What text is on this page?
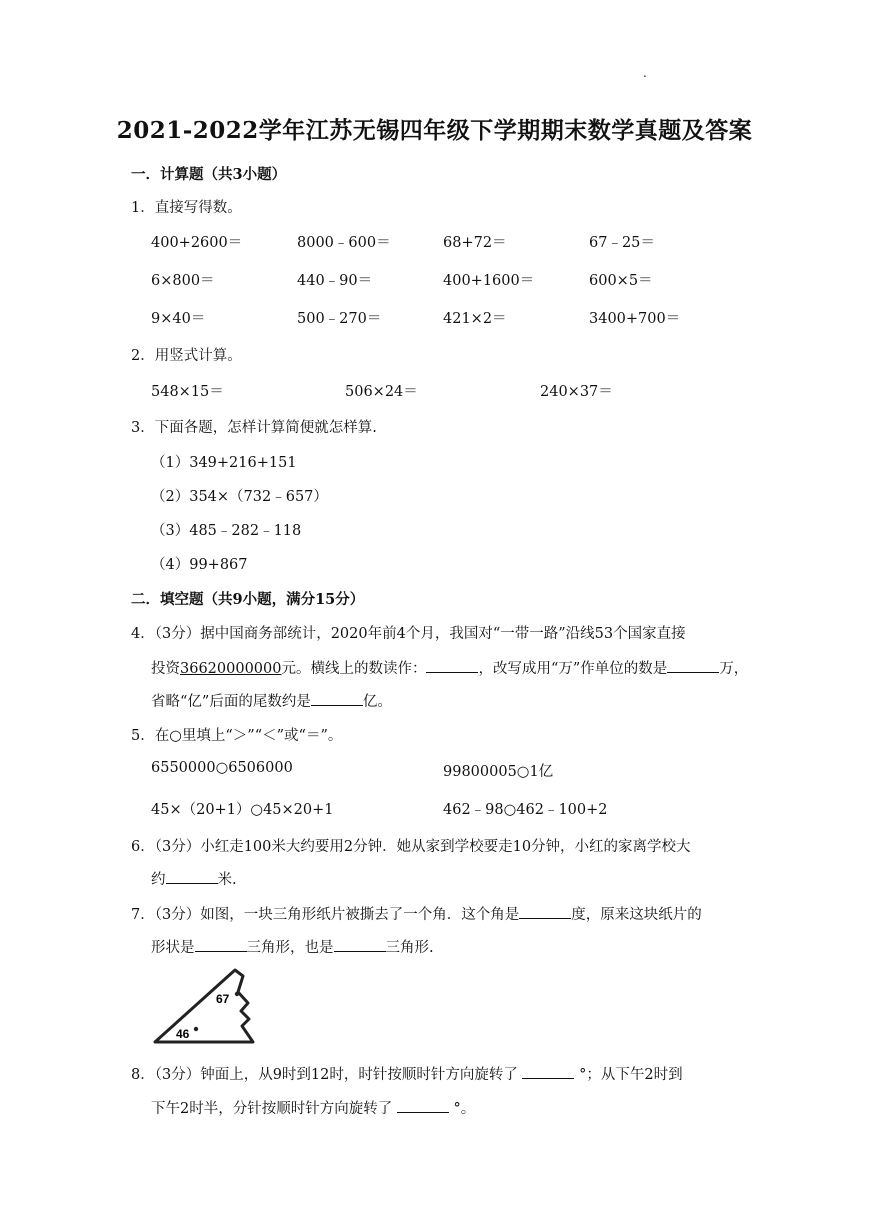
.
2021-2022学年江苏无锡四年级下学期期末数学真题及答案
一．计算题（共3小题）
1．直接写得数。
400+2600＝	8000﹣600＝	68+72＝	67﹣25＝
6×800＝	440﹣90＝	400+1600＝	600×5＝
9×40＝	500﹣270＝	421×2＝	3400+700＝
2．用竖式计算。
548×15＝	506×24＝	240×37＝
3．下面各题，怎样计算简便就怎样算.
（1）349+216+151
（2）354×（732﹣657）
（3）485﹣282﹣118
（4）99+867
二．填空题（共9小题，满分15分）
4．（3分）据中国商务部统计，2020年前4个月，我国对“一带一路”沿线53个国家直接
投资36620000000元。横线上的数读作：	，改写成用“万”作单位的数是	万，
省略“亿”后面的尾数约是	亿。
5．在○里填上“＞”“＜”或“＝”。
6550000○6506000	99800005○1亿
45×（20+1）○45×20+1	462﹣98○462﹣100+2
6．（3分）小红走100米大约要用2分钟．她从家到学校要走10分钟，小红的家离学校大
约	米.
7．（3分）如图，一块三角形纸片被撕去了一个角．这个角是	度，原来这块纸片的
形状是	三角形，也是	三角形.
67
46
8．（3分）钟面上，从9时到12时，时针按顺时针方向旋转了	°；从下午2时到
下午2时半，分针按顺时针方向旋转了	°。
